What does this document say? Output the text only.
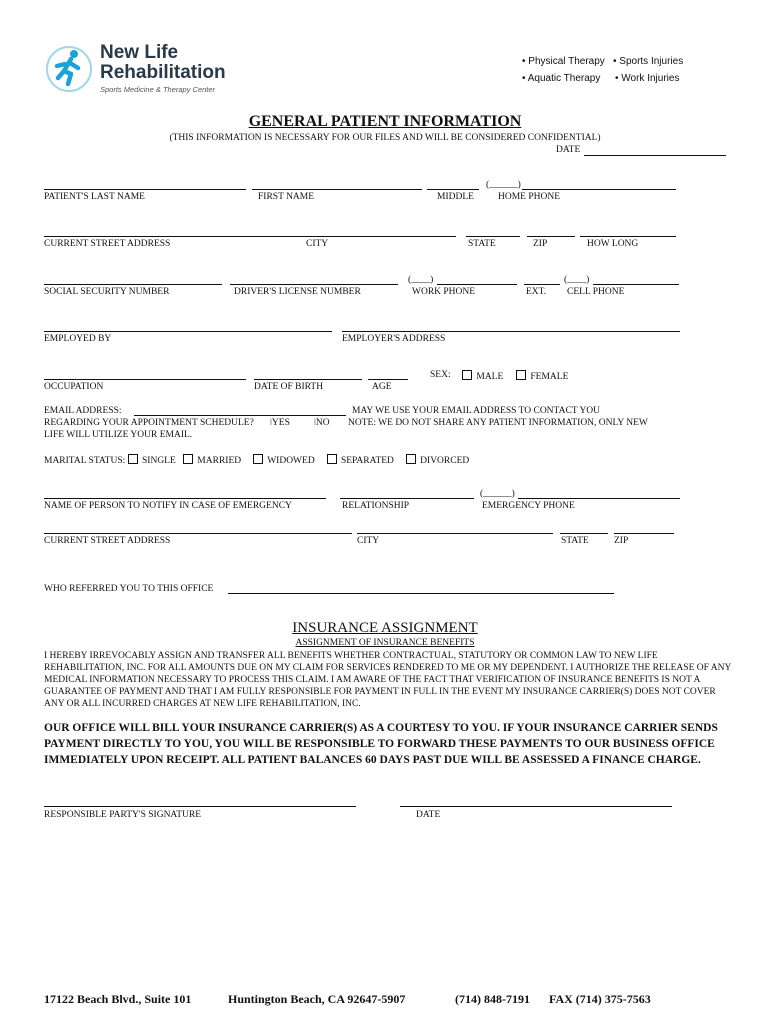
New Life
Rehabilitation
Sports Medicine & Therapy Center
• Physical Therapy • Sports Injuries
• Aquatic Therapy • Work Injuries
GENERAL PATIENT INFORMATION
(THIS INFORMATION IS NECESSARY FOR OUR FILES AND WILL BE CONSIDERED CONFIDENTIAL)
DATE
(______)
PATIENT'S LAST NAME	FIRST NAME	MIDDLE	HOME PHONE
CURRENT STREET ADDRESS	CITY	STATE	ZIP	HOW LONG
(____)	(____)
SOCIAL SECURITY NUMBER	DRIVER'S LICENSE NUMBER	WORK PHONE	EXT. CELL PHONE
EMPLOYED BY	EMPLOYER'S ADDRESS
SEX:	MALE	FEMALE
OCCUPATION	DATE OF BIRTH	AGE
EMAIL ADDRESS:	MAY WE USE YOUR EMAIL ADDRESS TO CONTACT YOU
REGARDING YOUR APPOINTMENT SCHEDULE? ǀYES	ǀNO NOTE: WE DO NOT SHARE ANY PATIENT INFORMATION, ONLY NEW
LIFE WILL UTILIZE YOUR EMAIL.
MARITAL STATUS: SINGLE MARRIED	WIDOWED	SEPARATED	DIVORCED
(______)
NAME OF PERSON TO NOTIFY IN CASE OF EMERGENCY	RELATIONSHIP	EMERGENCY PHONE
CURRENT STREET ADDRESS	CITY	STATE	ZIP
WHO REFERRED YOU TO THIS OFFICE
INSURANCE ASSIGNMENT
ASSIGNMENT OF INSURANCE BENEFITS
I HEREBY IRREVOCABLY ASSIGN AND TRANSFER ALL BENEFITS WHETHER CONTRACTUAL, STATUTORY OR COMMON LAW TO NEW LIFE REHABILITATION, INC. FOR ALL AMOUNTS DUE ON MY CLAIM FOR SERVICES RENDERED TO ME OR MY DEPENDENT. I AUTHORIZE THE RELEASE OF ANY MEDICAL INFORMATION NECESSARY TO PROCESS THIS CLAIM. I AM AWARE OF THE FACT THAT VERIFICATION OF INSURANCE BENEFITS IS NOT A GUARANTEE OF PAYMENT AND THAT I AM FULLY RESPONSIBLE FOR PAYMENT IN FULL IN THE EVENT MY INSURANCE CARRIER(S) DOES NOT COVER ANY OR ALL INCURRED CHARGES AT NEW LIFE REHABILITATION, INC.
OUR OFFICE WILL BILL YOUR INSURANCE CARRIER(S) AS A COURTESY TO YOU. IF YOUR INSURANCE CARRIER SENDS PAYMENT DIRECTLY TO YOU, YOU WILL BE RESPONSIBLE TO FORWARD THESE PAYMENTS TO OUR BUSINESS OFFICE IMMEDIATELY UPON RECEIPT. ALL PATIENT BALANCES 60 DAYS PAST DUE WILL BE ASSESSED A FINANCE CHARGE.
RESPONSIBLE PARTY'S SIGNATURE	DATE
17122 Beach Blvd., Suite 101	Huntington Beach, CA 92647-5907	(714) 848-7191 FAX (714) 375-7563
